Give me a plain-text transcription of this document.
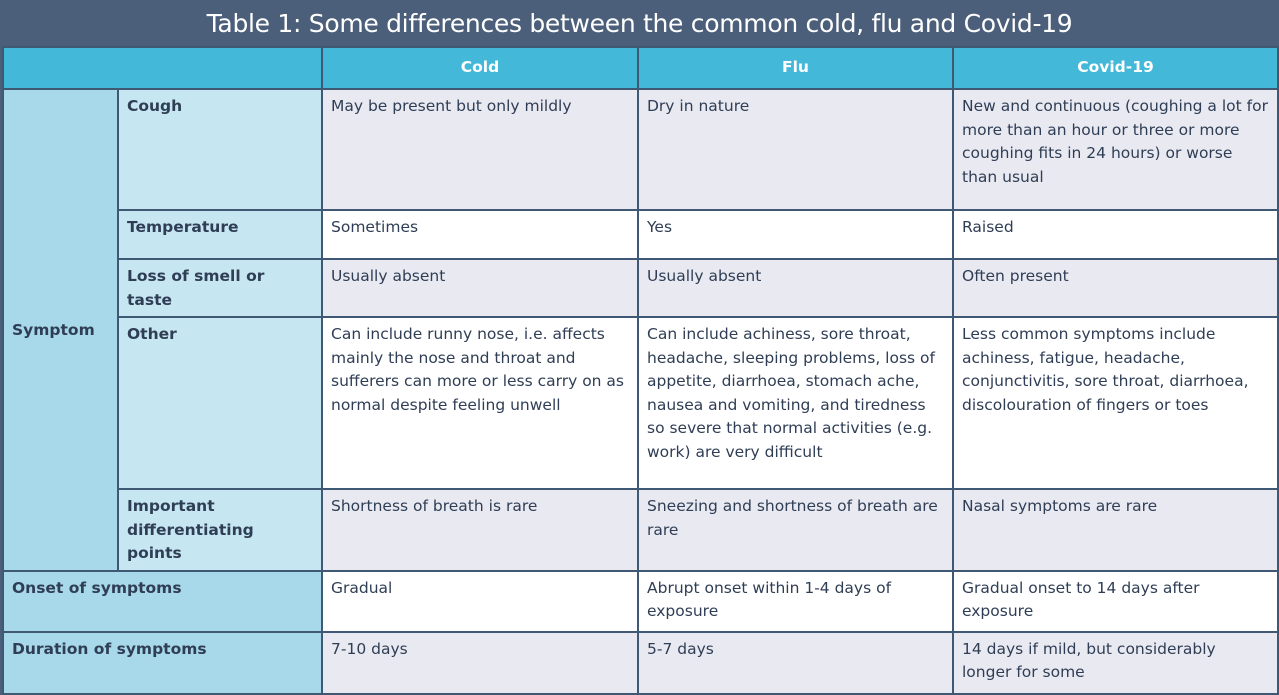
Table 1: Some differences between the common cold, flu and Covid-19
		Cold	Flu	Covid-19
Symptom	Cough	May be present but only mildly	Dry in nature	New and continuous (coughing a lot for more than an hour or three or more coughing fits in 24 hours) or worse than usual
	Temperature	Sometimes	Yes	Raised
	Loss of smell or taste	Usually absent	Usually absent	Often present
	Other	Can include runny nose, i.e. affects mainly the nose and throat and sufferers can more or less carry on as normal despite feeling unwell	Can include achiness, sore throat, headache, sleeping problems, loss of appetite, diarrhoea, stomach ache, nausea and vomiting, and tiredness so severe that normal activities (e.g. work) are very difficult	Less common symptoms include achiness, fatigue, headache, conjunctivitis, sore throat, diarrhoea, discolouration of fingers or toes
	Important differentiating points	Shortness of breath is rare	Sneezing and shortness of breath are rare	Nasal symptoms are rare
Onset of symptoms		Gradual	Abrupt onset within 1-4 days of exposure	Gradual onset to 14 days after exposure
Duration of symptoms		7-10 days	5-7 days	14 days if mild, but considerably longer for some
